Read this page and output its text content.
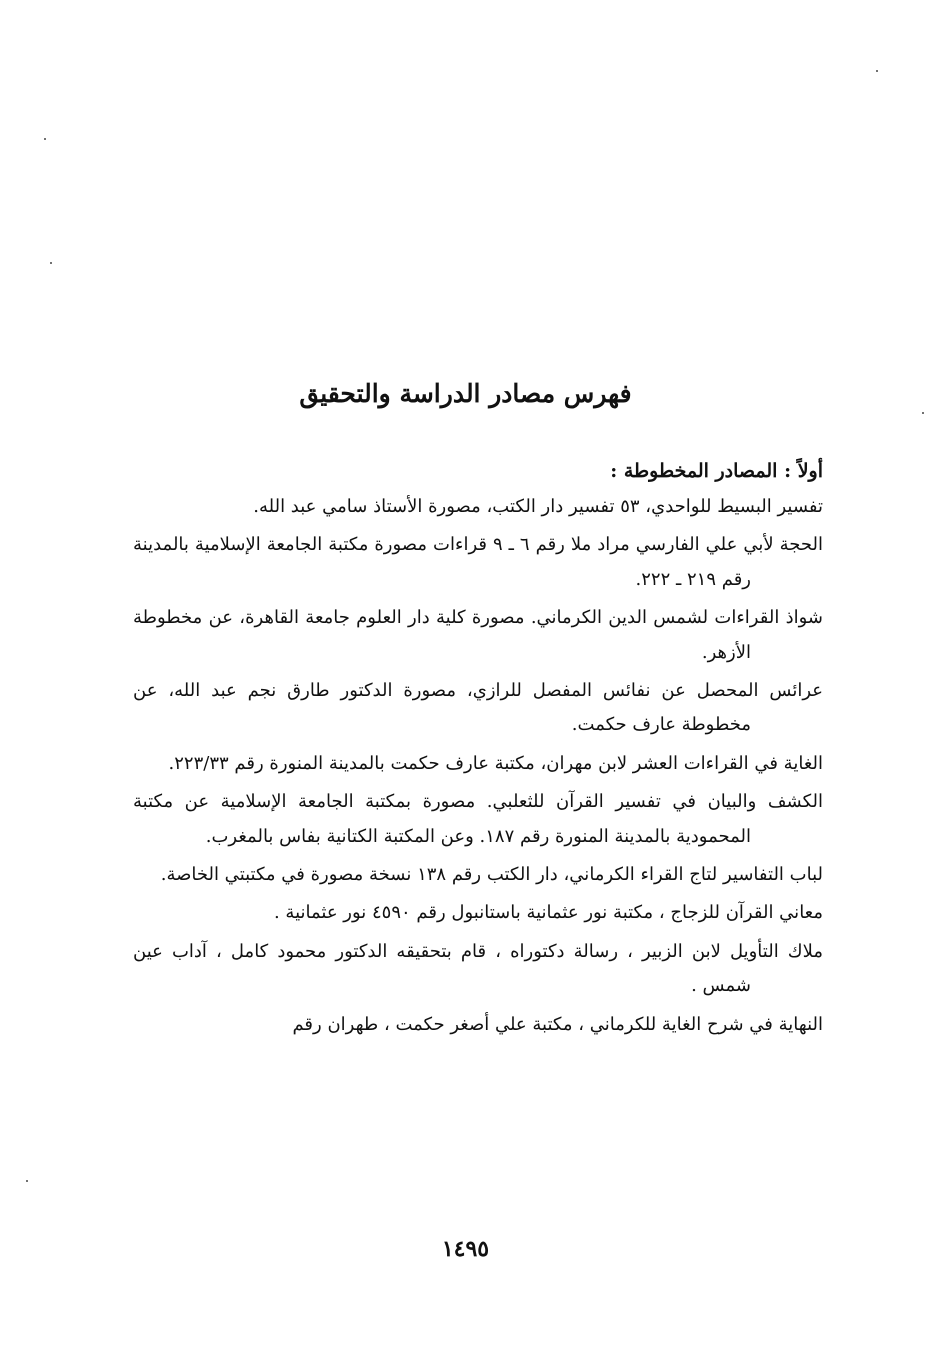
فهرس مصادر الدراسة والتحقيق
أولاً : المصادر المخطوطة :
تفسير البسيط للواحدي، ٥٣ تفسير دار الكتب، مصورة الأستاذ سامي عبد الله.
الحجة لأبي علي الفارسي مراد ملا رقم ٦ ـ ٩ قراءات مصورة مكتبة الجامعة الإسلامية بالمدينة رقم ٢١٩ ـ ٢٢٢.
شواذ القراءات لشمس الدين الكرماني. مصورة كلية دار العلوم جامعة القاهرة، عن مخطوطة الأزهر.
عرائس المحصل عن نفائس المفصل للرازي، مصورة الدكتور طارق نجم عبد الله، عن مخطوطة عارف حكمت.
الغاية في القراءات العشر لابن مهران، مكتبة عارف حكمت بالمدينة المنورة رقم ٢٢٣/٣٣.
الكشف والبيان في تفسير القرآن للثعلبي. مصورة بمكتبة الجامعة الإسلامية عن مكتبة المحمودية بالمدينة المنورة رقم ١٨٧. وعن المكتبة الكتانية بفاس بالمغرب.
لباب التفاسير لتاج القراء الكرماني، دار الكتب رقم ١٣٨ نسخة مصورة في مكتبتي الخاصة.
معاني القرآن للزجاج ، مكتبة نور عثمانية باستانبول رقم ٤٥٩٠ نور عثمانية .
ملاك التأويل لابن الزبير ، رسالة دكتوراه ، قام بتحقيقه الدكتور محمود كامل ، آداب عين شمس .
النهاية في شرح الغاية للكرماني ، مكتبة علي أصغر حكمت ، طهران رقم
١٤٩٥
